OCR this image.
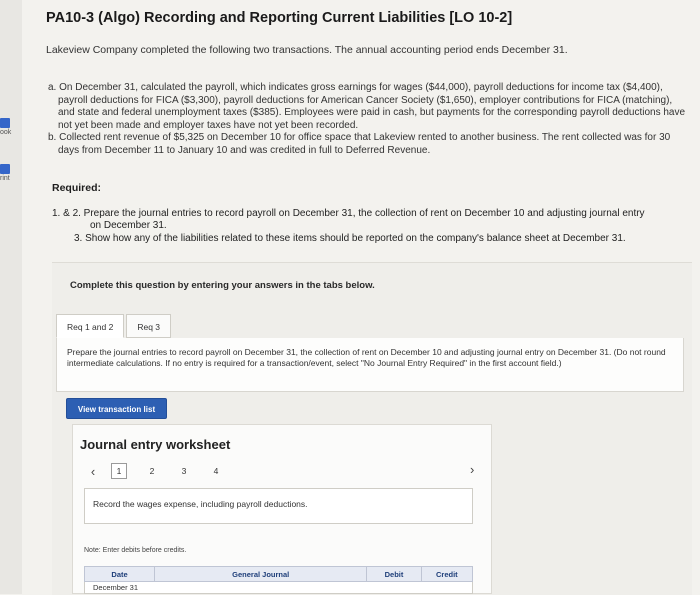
ook
rint
PA10-3 (Algo) Recording and Reporting Current Liabilities [LO 10-2]
Lakeview Company completed the following two transactions. The annual accounting period ends December 31.

a. On December 31, calculated the payroll, which indicates gross earnings for wages ($44,000), payroll deductions for income tax ($4,400), payroll deductions for FICA ($3,300), payroll deductions for American Cancer Society ($1,650), employer contributions for FICA (matching), and state and federal unemployment taxes ($385). Employees were paid in cash, but payments for the corresponding payroll deductions have not yet been made and employer taxes have not yet been recorded.

b. Collected rent revenue of $5,325 on December 10 for office space that Lakeview rented to another business. The rent collected was for 30 days from December 11 to January 10 and was credited in full to Deferred Revenue.

Required:
1. & 2. Prepare the journal entries to record payroll on December 31, the collection of rent on December 10 and adjusting journal entry
on December 31.
3. Show how any of the liabilities related to these items should be reported on the company's balance sheet at December 31.
Complete this question by entering your answers in the tabs below.
Req 1 and 2	Req 3
Prepare the journal entries to record payroll on December 31, the collection of rent on December 10 and adjusting journal entry on December 31. (Do not round intermediate calculations. If no entry is required for a transaction/event, select "No Journal Entry Required" in the first account field.)
View transaction list
Journal entry worksheet
‹	1	2	3	4	›
Record the wages expense, including payroll deductions.
Note: Enter debits before credits.
Date	General Journal	Debit	Credit
December 31
